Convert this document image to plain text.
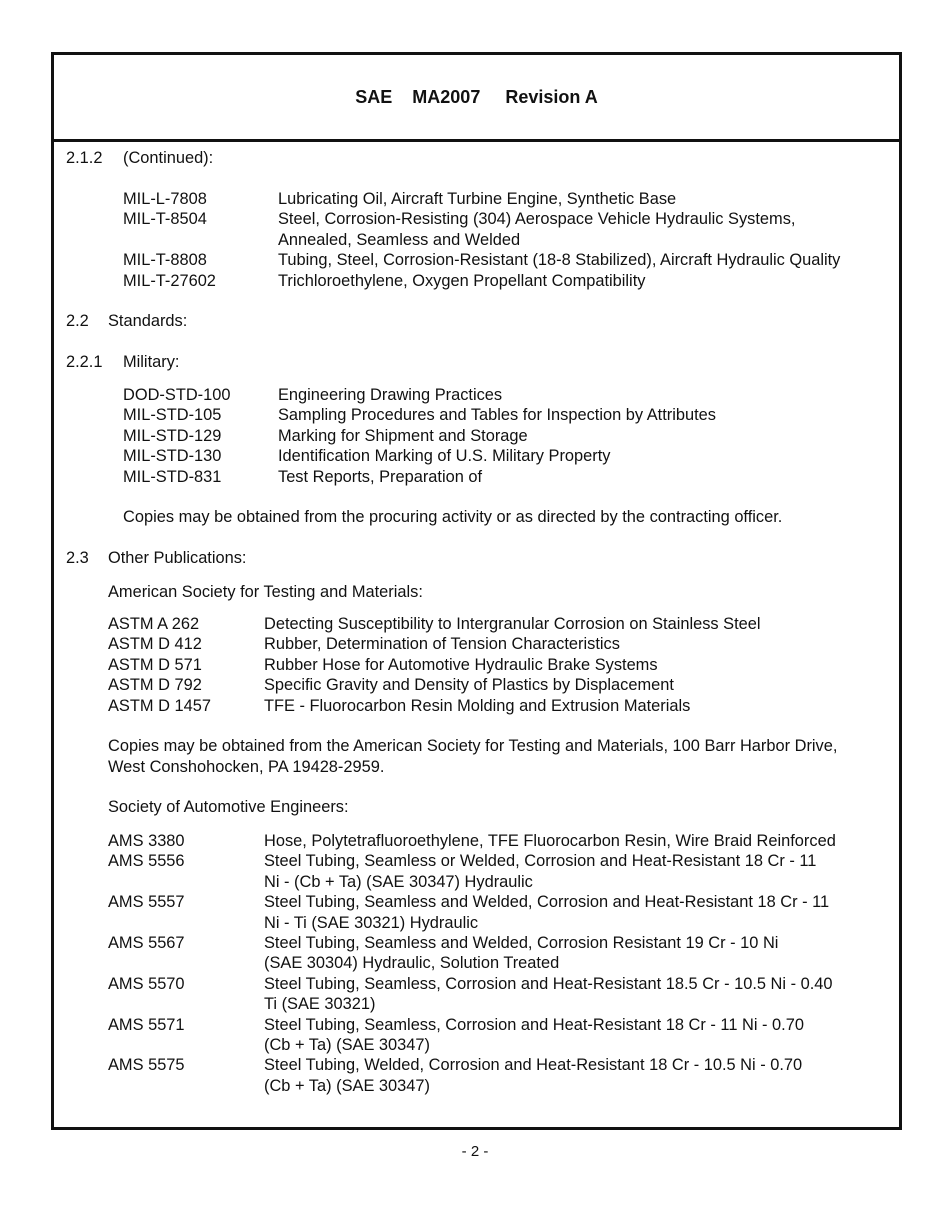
SAE    MA2007     Revision A
2.1.2 (Continued):
MIL-L-7808	Lubricating Oil, Aircraft Turbine Engine, Synthetic Base
MIL-T-8504	Steel, Corrosion-Resisting (304) Aerospace Vehicle Hydraulic Systems,
Annealed, Seamless and Welded
MIL-T-8808	Tubing, Steel, Corrosion-Resistant (18-8 Stabilized), Aircraft Hydraulic Quality
MIL-T-27602	Trichloroethylene, Oxygen Propellant Compatibility
2.2 Standards:
2.2.1 Military:
DOD-STD-100	Engineering Drawing Practices
MIL-STD-105	Sampling Procedures and Tables for Inspection by Attributes
MIL-STD-129	Marking for Shipment and Storage
MIL-STD-130	Identification Marking of U.S. Military Property
MIL-STD-831	Test Reports, Preparation of
Copies may be obtained from the procuring activity or as directed by the contracting officer.
2.3 Other Publications:
American Society for Testing and Materials:
ASTM A 262	Detecting Susceptibility to Intergranular Corrosion on Stainless Steel
ASTM D 412	Rubber, Determination of Tension Characteristics
ASTM D 571	Rubber Hose for Automotive Hydraulic Brake Systems
ASTM D 792	Specific Gravity and Density of Plastics by Displacement
ASTM D 1457	TFE - Fluorocarbon Resin Molding and Extrusion Materials
Copies may be obtained from the American Society for Testing and Materials, 100 Barr Harbor Drive,
West Conshohocken, PA 19428-2959.
Society of Automotive Engineers:
AMS 3380	Hose, Polytetrafluoroethylene, TFE Fluorocarbon Resin, Wire Braid Reinforced
AMS 5556	Steel Tubing, Seamless or Welded, Corrosion and Heat-Resistant 18 Cr - 11
Ni - (Cb + Ta) (SAE 30347) Hydraulic
AMS 5557	Steel Tubing, Seamless and Welded, Corrosion and Heat-Resistant 18 Cr - 11
Ni - Ti (SAE 30321) Hydraulic
AMS 5567	Steel Tubing, Seamless and Welded, Corrosion Resistant 19 Cr - 10 Ni
(SAE 30304) Hydraulic, Solution Treated
AMS 5570	Steel Tubing, Seamless, Corrosion and Heat-Resistant 18.5 Cr - 10.5 Ni - 0.40
Ti (SAE 30321)
AMS 5571	Steel Tubing, Seamless, Corrosion and Heat-Resistant 18 Cr - 11 Ni - 0.70
(Cb + Ta) (SAE 30347)
AMS 5575	Steel Tubing, Welded, Corrosion and Heat-Resistant 18 Cr - 10.5 Ni - 0.70
(Cb + Ta) (SAE 30347)
- 2 -
